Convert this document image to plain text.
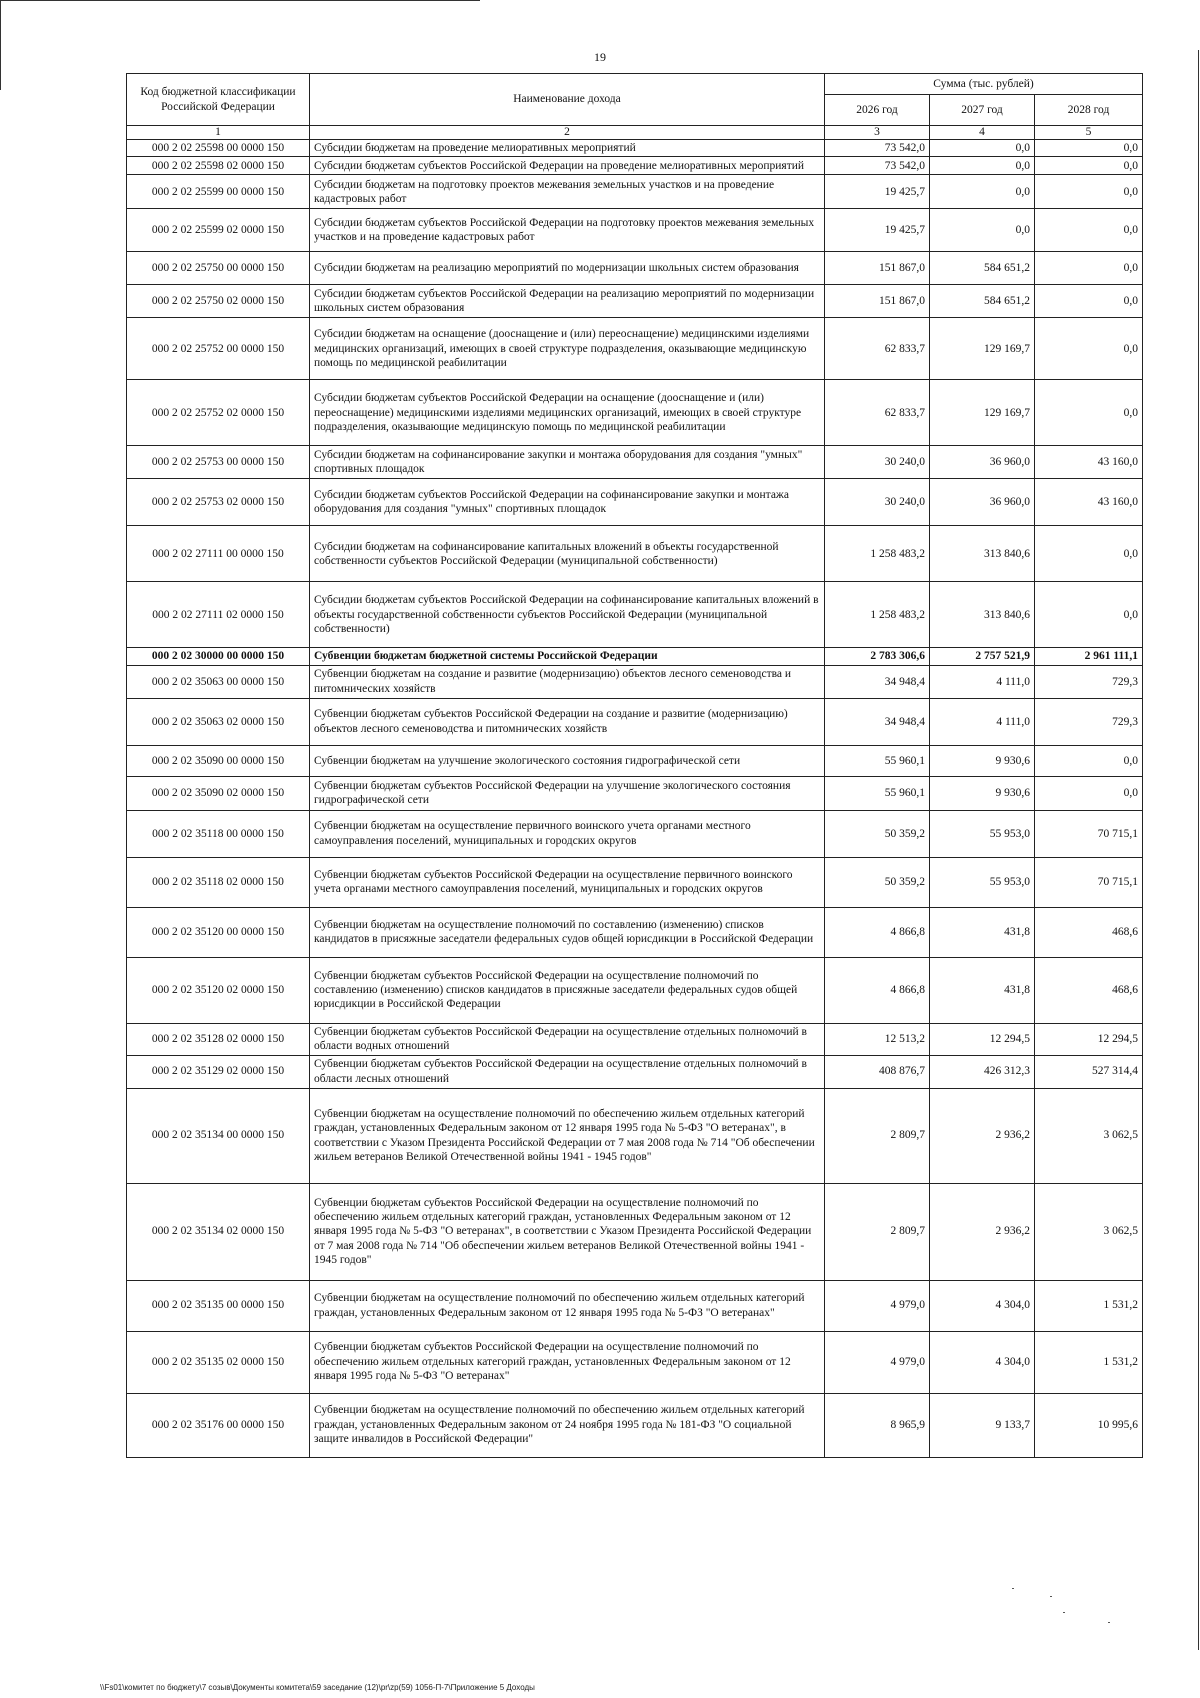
19
Код бюджетной классификации Российской Федерации	Наименование дохода	Сумма (тыс. рублей)		
		2026 год	2027 год	2028 год
1	2	3	4	5
000 2 02 25598 00 0000 150	Субсидии бюджетам на проведение мелиоративных мероприятий	73 542,0	0,0	0,0
000 2 02 25598 02 0000 150	Субсидии бюджетам субъектов Российской Федерации на проведение мелиоративных мероприятий	73 542,0	0,0	0,0
000 2 02 25599 00 0000 150	Субсидии бюджетам на подготовку проектов межевания земельных участков и на проведение кадастровых работ	19 425,7	0,0	0,0
000 2 02 25599 02 0000 150	Субсидии бюджетам субъектов Российской Федерации на подготовку проектов межевания земельных участков и на проведение кадастровых работ	19 425,7	0,0	0,0
000 2 02 25750 00 0000 150	Субсидии бюджетам на реализацию мероприятий по модернизации школьных систем образования	151 867,0	584 651,2	0,0
000 2 02 25750 02 0000 150	Субсидии бюджетам субъектов Российской Федерации на реализацию мероприятий по модернизации школьных систем образования	151 867,0	584 651,2	0,0
000 2 02 25752 00 0000 150	Субсидии бюджетам на оснащение (дооснащение и (или) переоснащение) медицинскими изделиями медицинских организаций, имеющих в своей структуре подразделения, оказывающие медицинскую помощь по медицинской реабилитации	62 833,7	129 169,7	0,0
000 2 02 25752 02 0000 150	Субсидии бюджетам субъектов Российской Федерации на оснащение (дооснащение и (или) переоснащение) медицинскими изделиями медицинских организаций, имеющих в своей структуре подразделения, оказывающие медицинскую помощь по медицинской реабилитации	62 833,7	129 169,7	0,0
000 2 02 25753 00 0000 150	Субсидии бюджетам на софинансирование закупки и монтажа оборудования для создания "умных" спортивных площадок	30 240,0	36 960,0	43 160,0
000 2 02 25753 02 0000 150	Субсидии бюджетам субъектов Российской Федерации на софинансирование закупки и монтажа оборудования для создания "умных" спортивных площадок	30 240,0	36 960,0	43 160,0
000 2 02 27111 00 0000 150	Субсидии бюджетам на софинансирование капитальных вложений в объекты государственной собственности субъектов Российской Федерации (муниципальной собственности)	1 258 483,2	313 840,6	0,0
000 2 02 27111 02 0000 150	Субсидии бюджетам субъектов Российской Федерации на софинансирование капитальных вложений в объекты государственной собственности субъектов Российской Федерации (муниципальной собственности)	1 258 483,2	313 840,6	0,0
000 2 02 30000 00 0000 150	Субвенции бюджетам бюджетной системы Российской Федерации	2 783 306,6	2 757 521,9	2 961 111,1
000 2 02 35063 00 0000 150	Субвенции бюджетам на создание и развитие (модернизацию) объектов лесного семеноводства и питомнических хозяйств	34 948,4	4 111,0	729,3
000 2 02 35063 02 0000 150	Субвенции бюджетам субъектов Российской Федерации на создание и развитие (модернизацию) объектов лесного семеноводства и питомнических хозяйств	34 948,4	4 111,0	729,3
000 2 02 35090 00 0000 150	Субвенции бюджетам на улучшение экологического состояния гидрографической сети	55 960,1	9 930,6	0,0
000 2 02 35090 02 0000 150	Субвенции бюджетам субъектов Российской Федерации на улучшение экологического состояния гидрографической сети	55 960,1	9 930,6	0,0
000 2 02 35118 00 0000 150	Субвенции бюджетам на осуществление первичного воинского учета органами местного самоуправления поселений, муниципальных и городских округов	50 359,2	55 953,0	70 715,1
000 2 02 35118 02 0000 150	Субвенции бюджетам субъектов Российской Федерации на осуществление первичного воинского учета органами местного самоуправления поселений, муниципальных и городских округов	50 359,2	55 953,0	70 715,1
000 2 02 35120 00 0000 150	Субвенции бюджетам на осуществление полномочий по составлению (изменению) списков кандидатов в присяжные заседатели федеральных судов общей юрисдикции в Российской Федерации	4 866,8	431,8	468,6
000 2 02 35120 02 0000 150	Субвенции бюджетам субъектов Российской Федерации на осуществление полномочий по составлению (изменению) списков кандидатов в присяжные заседатели федеральных судов общей юрисдикции в Российской Федерации	4 866,8	431,8	468,6
000 2 02 35128 02 0000 150	Субвенции бюджетам субъектов Российской Федерации на осуществление отдельных полномочий в области водных отношений	12 513,2	12 294,5	12 294,5
000 2 02 35129 02 0000 150	Субвенции бюджетам субъектов Российской Федерации на осуществление отдельных полномочий в области лесных отношений	408 876,7	426 312,3	527 314,4
000 2 02 35134 00 0000 150	Субвенции бюджетам на осуществление полномочий по обеспечению жильем отдельных категорий граждан, установленных Федеральным законом от 12 января 1995 года № 5-ФЗ "О ветеранах", в соответствии с Указом Президента Российской Федерации от 7 мая 2008 года № 714 "Об обеспечении жильем ветеранов Великой Отечественной войны 1941 - 1945 годов"	2 809,7	2 936,2	3 062,5
000 2 02 35134 02 0000 150	Субвенции бюджетам субъектов Российской Федерации на осуществление полномочий по обеспечению жильем отдельных категорий граждан, установленных Федеральным законом от 12 января 1995 года № 5-ФЗ "О ветеранах", в соответствии с Указом Президента Российской Федерации от 7 мая 2008 года № 714 "Об обеспечении жильем ветеранов Великой Отечественной войны 1941 - 1945 годов"	2 809,7	2 936,2	3 062,5
000 2 02 35135 00 0000 150	Субвенции бюджетам на осуществление полномочий по обеспечению жильем отдельных категорий граждан, установленных Федеральным законом от 12 января 1995 года № 5-ФЗ "О ветеранах"	4 979,0	4 304,0	1 531,2
000 2 02 35135 02 0000 150	Субвенции бюджетам субъектов Российской Федерации на осуществление полномочий по обеспечению жильем отдельных категорий граждан, установленных Федеральным законом от 12 января 1995 года № 5-ФЗ "О ветеранах"	4 979,0	4 304,0	1 531,2
000 2 02 35176 00 0000 150	Субвенции бюджетам на осуществление полномочий по обеспечению жильем отдельных категорий граждан, установленных Федеральным законом от 24 ноября 1995 года № 181-ФЗ "О социальной защите инвалидов в Российской Федерации"	8 965,9	9 133,7	10 995,6
\\Fs01\комитет по бюджету\7 созыв\Документы комитета\59 заседание (12)\pr\zp(59) 1056-П-7\Приложение 5 Доходы
